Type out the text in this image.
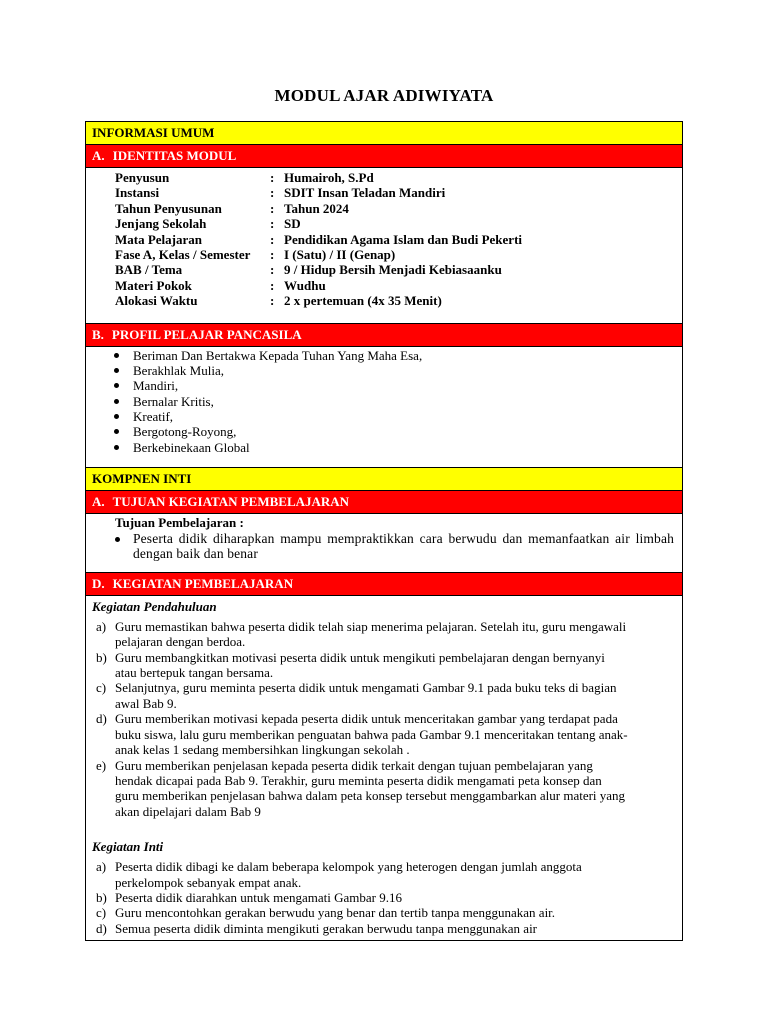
MODUL AJAR ADIWIYATA
INFORMASI UMUM
A. IDENTITAS MODUL
Penyusun	: Humairoh, S.Pd
Instansi	: SDIT Insan Teladan Mandiri
Tahun Penyusunan	: Tahun 2024
Jenjang Sekolah	: SD
Mata Pelajaran	: Pendidikan Agama Islam dan Budi Pekerti
Fase A, Kelas / Semester	: I (Satu) / II (Genap)
BAB / Tema	: 9 / Hidup Bersih Menjadi Kebiasaanku
Materi Pokok	: Wudhu
Alokasi Waktu	: 2 x pertemuan (4x 35 Menit)
B. PROFIL PELAJAR PANCASILA
Beriman Dan Bertakwa Kepada Tuhan Yang Maha Esa,
Berakhlak Mulia,
Mandiri,
Bernalar Kritis,
Kreatif,
Bergotong-Royong,
Berkebinekaan Global
KOMPNEN INTI
A. TUJUAN KEGIATAN PEMBELAJARAN
Tujuan Pembelajaran :
Peserta didik diharapkan mampu mempraktikkan cara berwudu dan memanfaatkan air limbah dengan baik dan benar
D. KEGIATAN PEMBELAJARAN
Kegiatan Pendahuluan
a) Guru memastikan bahwa peserta didik telah siap menerima pelajaran. Setelah itu, guru mengawali
pelajaran dengan berdoa.
b) Guru membangkitkan motivasi peserta didik untuk mengikuti pembelajaran dengan bernyanyi
atau bertepuk tangan bersama.
c) Selanjutnya, guru meminta peserta didik untuk mengamati Gambar 9.1 pada buku teks di bagian
awal Bab 9.
d) Guru memberikan motivasi kepada peserta didik untuk menceritakan gambar yang terdapat pada
buku siswa, lalu guru memberikan penguatan bahwa pada Gambar 9.1 menceritakan tentang anak-
anak kelas 1 sedang membersihkan lingkungan sekolah .
e) Guru memberikan penjelasan kepada peserta didik terkait dengan tujuan pembelajaran yang
hendak dicapai pada Bab 9. Terakhir, guru meminta peserta didik mengamati peta konsep dan
guru memberikan penjelasan bahwa dalam peta konsep tersebut menggambarkan alur materi yang
akan dipelajari dalam Bab 9
Kegiatan Inti
a) Peserta didik dibagi ke dalam beberapa kelompok yang heterogen dengan jumlah anggota
perkelompok sebanyak empat anak.
b) Peserta didik diarahkan untuk mengamati Gambar 9.16
c) Guru mencontohkan gerakan berwudu yang benar dan tertib tanpa menggunakan air.
d) Semua peserta didik diminta mengikuti gerakan berwudu tanpa menggunakan air
